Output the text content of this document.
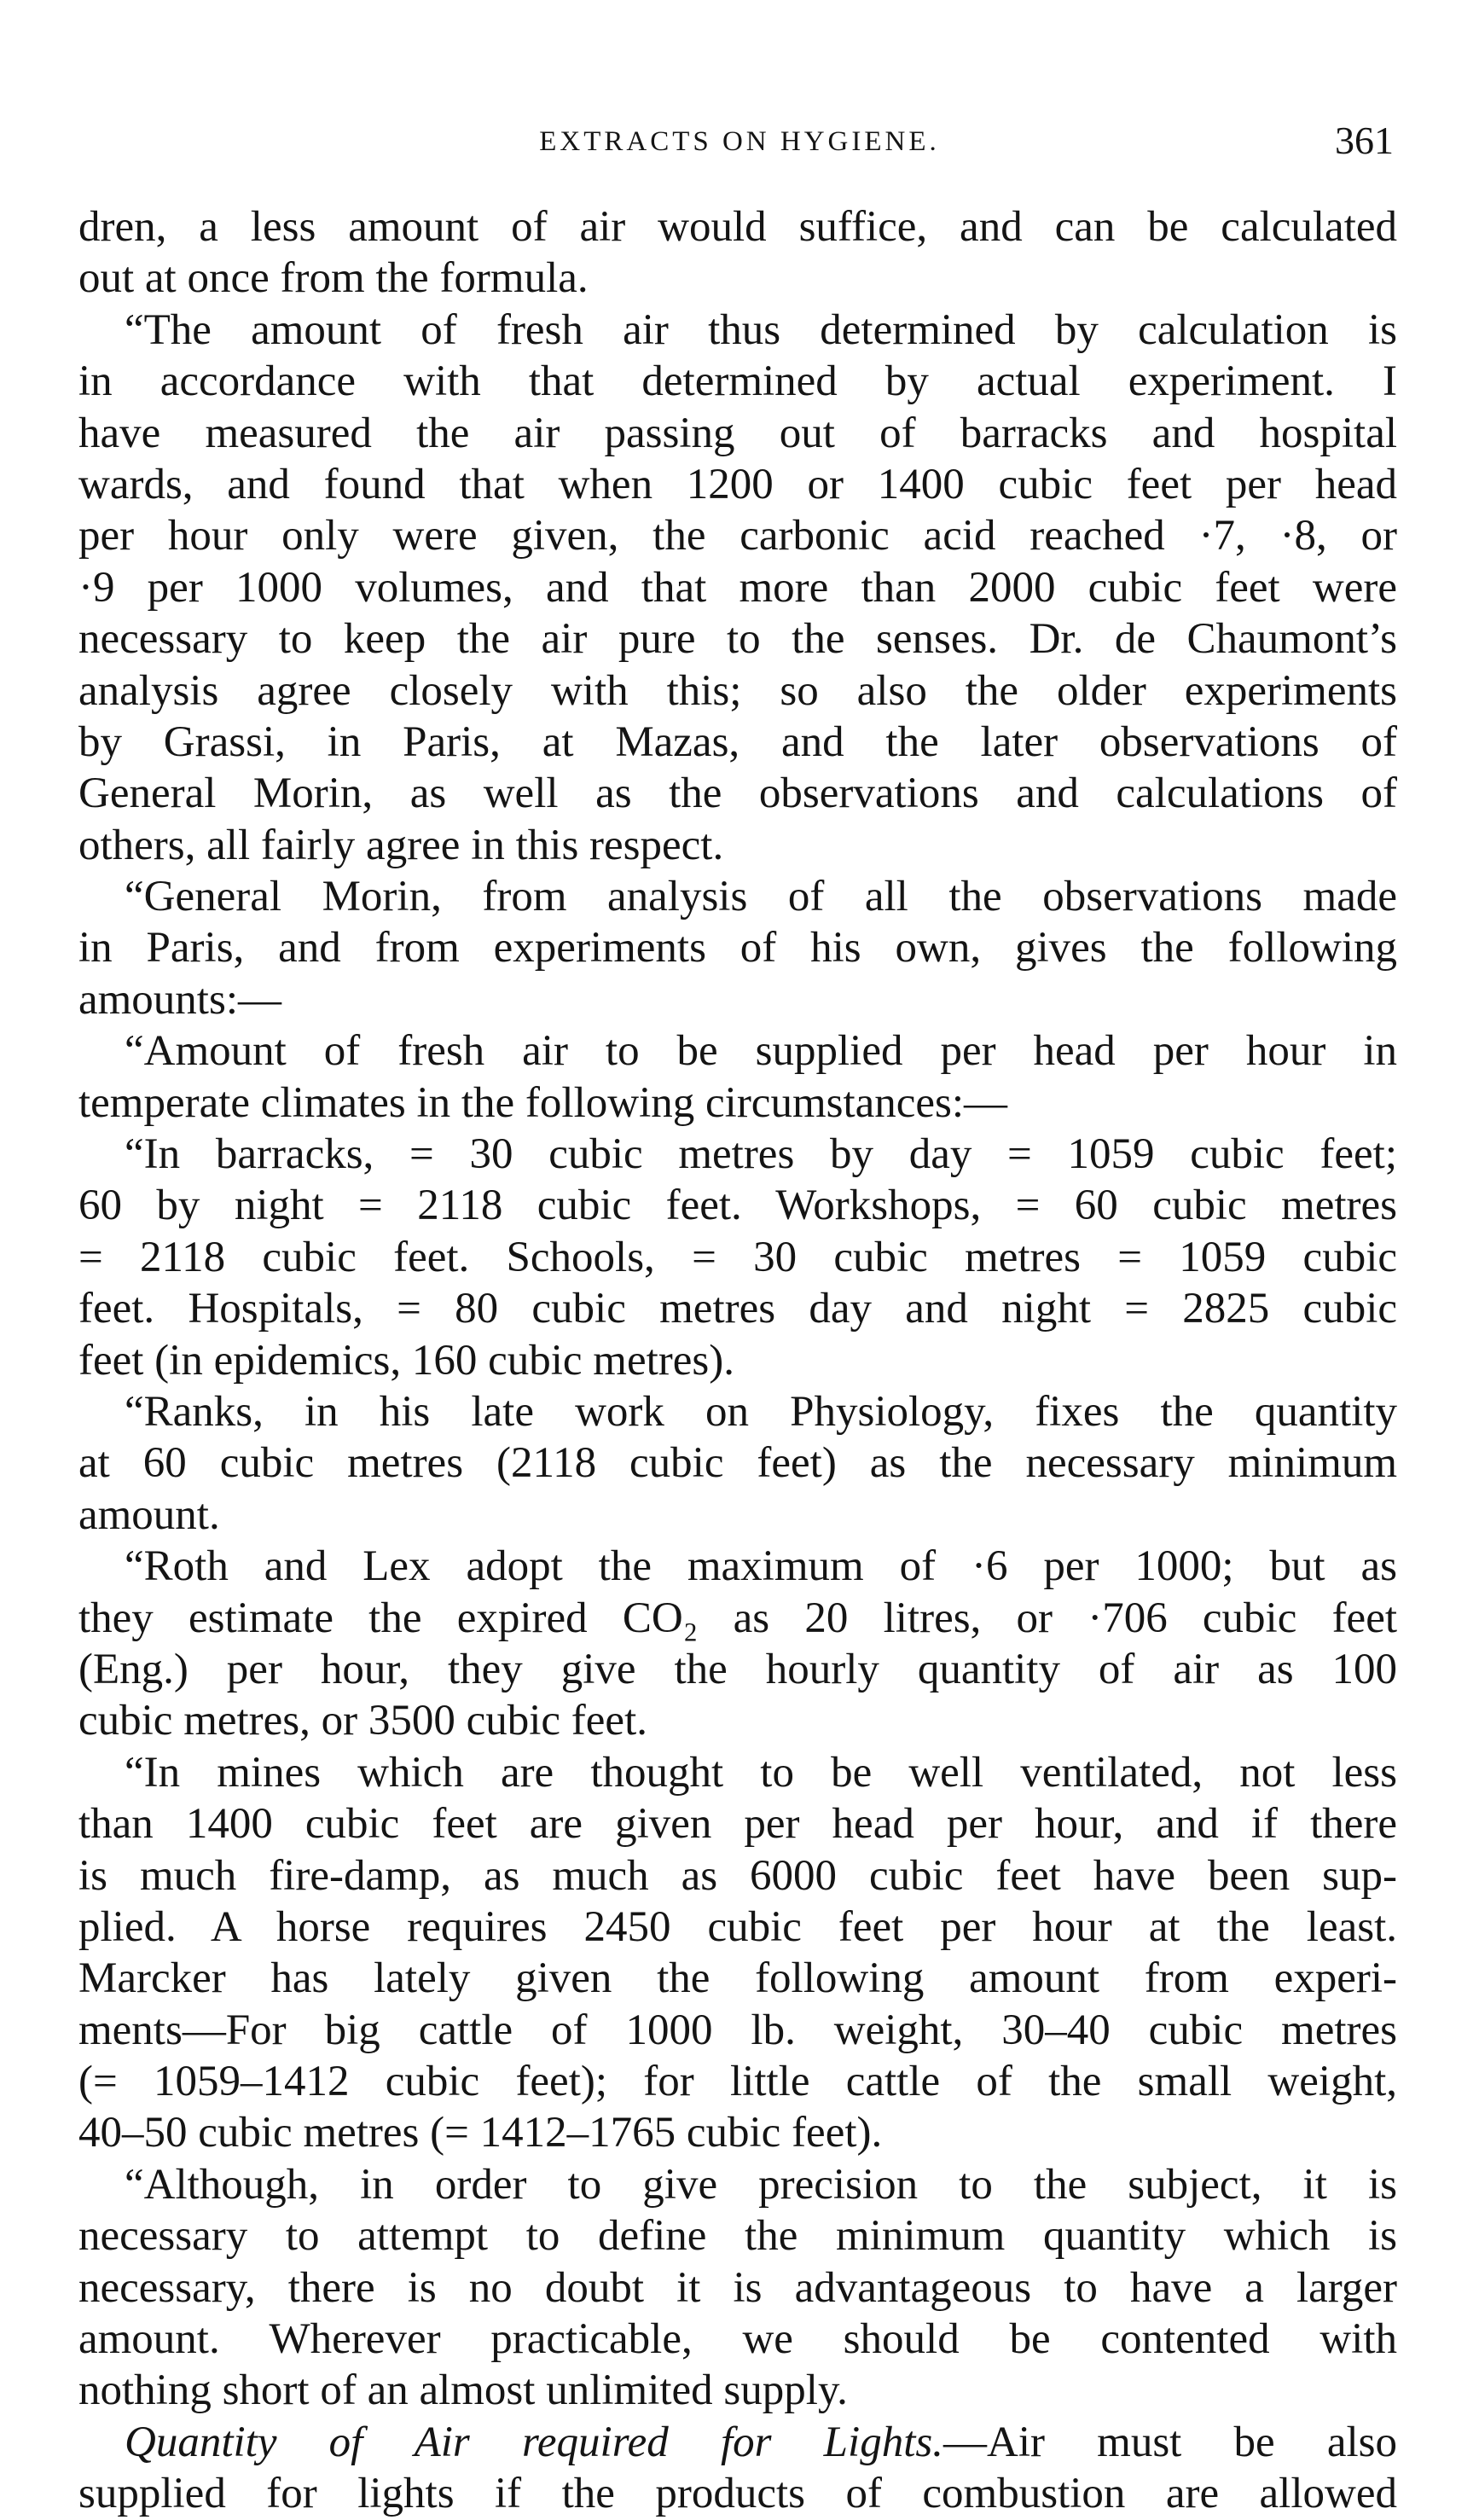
EXTRACTS ON HYGIENE.	361
dren, a less amount of air would suffice, and can be calculated
out at once from the formula.
“The amount of fresh air thus determined by calculation is
in accordance with that determined by actual experiment. I
have measured the air passing out of barracks and hospital
wards, and found that when 1200 or 1400 cubic feet per head
per hour only were given, the carbonic acid reached ·7, ·8, or
·9 per 1000 volumes, and that more than 2000 cubic feet were
necessary to keep the air pure to the senses. Dr. de Chaumont’s
analysis agree closely with this; so also the older experiments
by Grassi, in Paris, at Mazas, and the later observations of
General Morin, as well as the observations and calculations of
others, all fairly agree in this respect.
“General Morin, from analysis of all the observations made
in Paris, and from experiments of his own, gives the following
amounts:—
“Amount of fresh air to be supplied per head per hour in
temperate climates in the following circumstances:—
“In barracks, = 30 cubic metres by day = 1059 cubic feet;
60 by night = 2118 cubic feet. Workshops, = 60 cubic metres
= 2118 cubic feet. Schools, = 30 cubic metres = 1059 cubic
feet. Hospitals, = 80 cubic metres day and night = 2825 cubic
feet (in epidemics, 160 cubic metres).
“Ranks, in his late work on Physiology, fixes the quantity
at 60 cubic metres (2118 cubic feet) as the necessary minimum
amount.
“Roth and Lex adopt the maximum of ·6 per 1000; but as
they estimate the expired CO₂ as 20 litres, or ·706 cubic feet
(Eng.) per hour, they give the hourly quantity of air as 100
cubic metres, or 3500 cubic feet.
“In mines which are thought to be well ventilated, not less
than 1400 cubic feet are given per head per hour, and if there
is much fire-damp, as much as 6000 cubic feet have been sup-
plied. A horse requires 2450 cubic feet per hour at the least.
Marcker has lately given the following amount from experi-
ments—For big cattle of 1000 lb. weight, 30–40 cubic metres
(= 1059–1412 cubic feet); for little cattle of the small weight,
40–50 cubic metres (= 1412–1765 cubic feet).
“Although, in order to give precision to the subject, it is
necessary to attempt to define the minimum quantity which is
necessary, there is no doubt it is advantageous to have a larger
amount. Wherever practicable, we should be contented with
nothing short of an almost unlimited supply.
Quantity of Air required for Lights.—Air must be also
supplied for lights if the products of combustion are allowed
